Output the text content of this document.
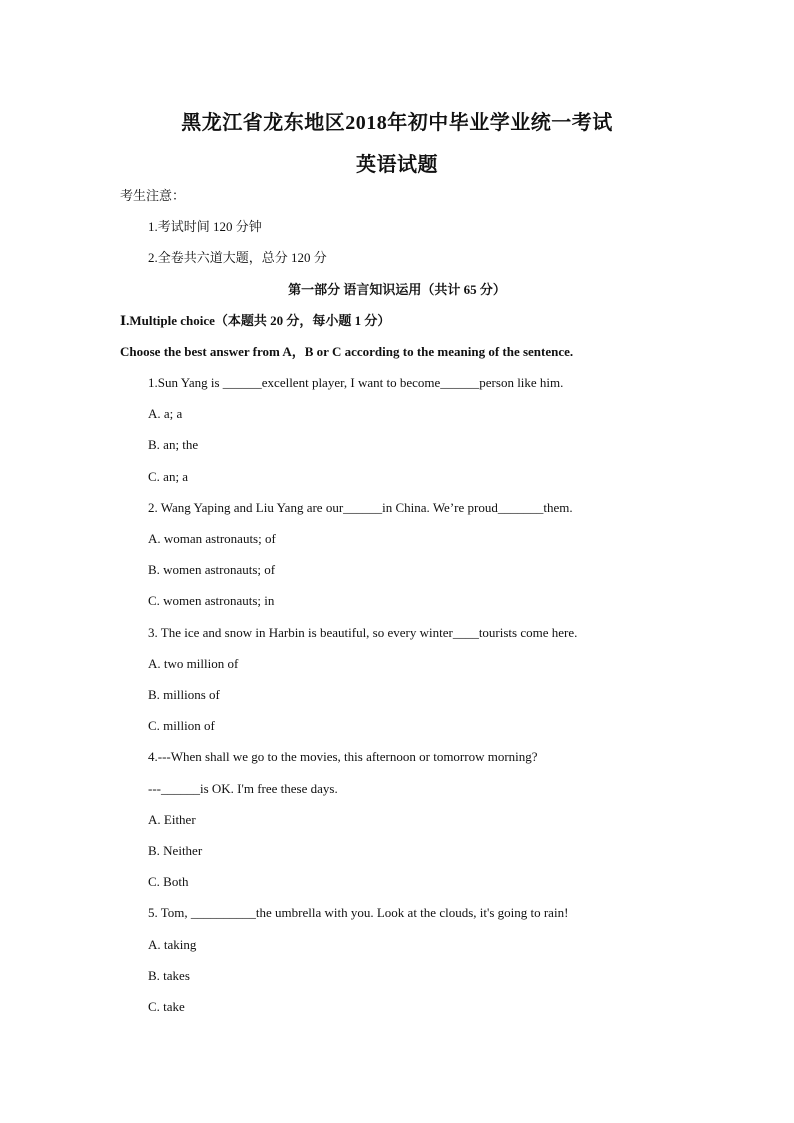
黑龙江省龙东地区2018年初中毕业学业统一考试
英语试题
考生注意：
1.考试时间 120 分钟
2.全卷共六道大题，总分 120 分
第一部分 语言知识运用（共计 65 分）
Ⅰ.Multiple choice（本题共 20 分，每小题 1 分）
Choose the best answer from A，B or C according to the meaning of the sentence.
1.Sun Yang is ______excellent player, I want to become______person like him.
A. a; a
B. an; the
C. an; a
2. Wang Yaping and Liu Yang are our______in China. We’re proud_______them.
A. woman astronauts; of
B. women astronauts; of
C. women astronauts; in
3. The ice and snow in Harbin is beautiful, so every winter____tourists come here.
A. two million of
B. millions of
C. million of
4.---When shall we go to the movies, this afternoon or tomorrow morning?
---______is OK. I'm free these days.
A. Either
B. Neither
C. Both
5. Tom, __________the umbrella with you. Look at the clouds, it's going to rain!
A. taking
B. takes
C. take
